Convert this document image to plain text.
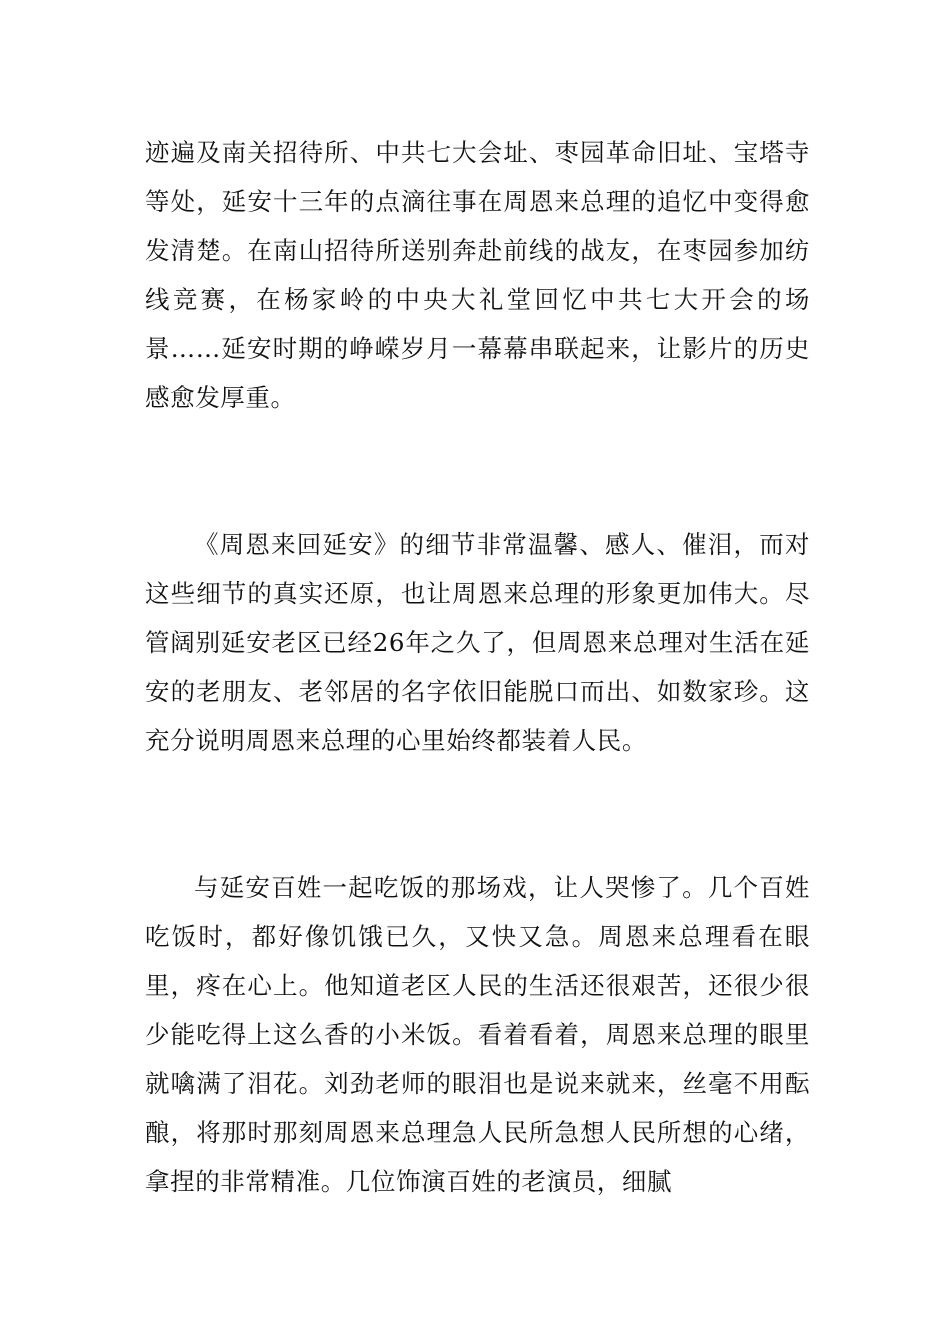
迹遍及南关招待所、中共七大会址、枣园革命旧址、宝塔寺等处，延安十三年的点滴往事在周恩来总理的追忆中变得愈发清楚。在南山招待所送别奔赴前线的战友，在枣园参加纺线竞赛，在杨家岭的中央大礼堂回忆中共七大开会的场景……延安时期的峥嵘岁月一幕幕串联起来，让影片的历史感愈发厚重。

《周恩来回延安》的细节非常温馨、感人、催泪，而对这些细节的真实还原，也让周恩来总理的形象更加伟大。尽管阔别延安老区已经26年之久了，但周恩来总理对生活在延安的老朋友、老邻居的名字依旧能脱口而出、如数家珍。这充分说明周恩来总理的心里始终都装着人民。

与延安百姓一起吃饭的那场戏，让人哭惨了。几个百姓吃饭时，都好像饥饿已久，又快又急。周恩来总理看在眼里，疼在心上。他知道老区人民的生活还很艰苦，还很少很少能吃得上这么香的小米饭。看着看着，周恩来总理的眼里就噙满了泪花。刘劲老师的眼泪也是说来就来，丝毫不用酝酿，将那时那刻周恩来总理急人民所急想人民所想的心绪，拿捏的非常精准。几位饰演百姓的老演员，细腻
